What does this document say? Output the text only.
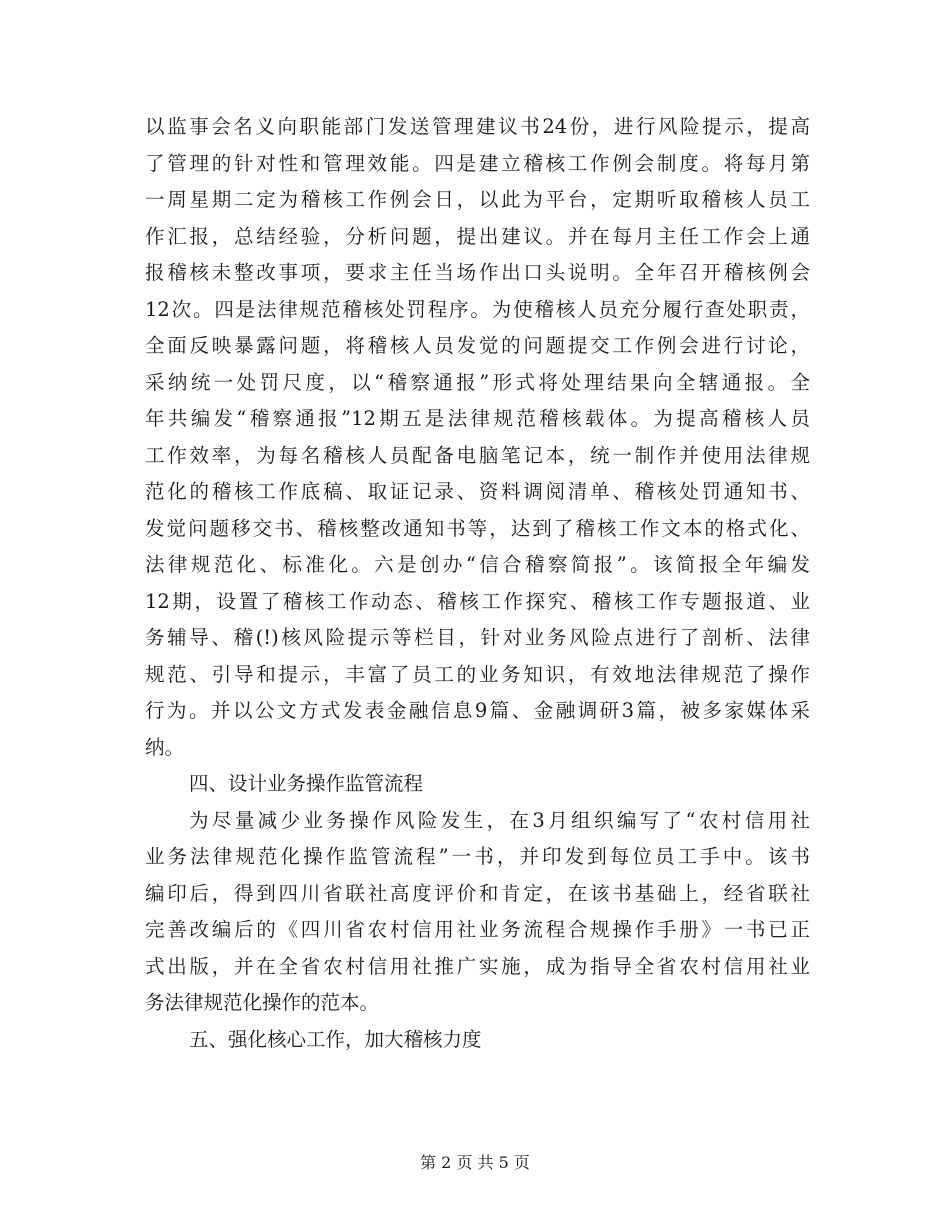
以监事会名义向职能部门发送管理建议书24份，进行风险提示，提高
了管理的针对性和管理效能。四是建立稽核工作例会制度。将每月第
一周星期二定为稽核工作例会日，以此为平台，定期听取稽核人员工
作汇报，总结经验，分析问题，提出建议。并在每月主任工作会上通
报稽核未整改事项，要求主任当场作出口头说明。全年召开稽核例会
12次。四是法律规范稽核处罚程序。为使稽核人员充分履行查处职责，
全面反映暴露问题，将稽核人员发觉的问题提交工作例会进行讨论，
采纳统一处罚尺度，以“稽察通报”形式将处理结果向全辖通报。全
年共编发“稽察通报”12期五是法律规范稽核载体。为提高稽核人员
工作效率，为每名稽核人员配备电脑笔记本，统一制作并使用法律规
范化的稽核工作底稿、取证记录、资料调阅清单、稽核处罚通知书、
发觉问题移交书、稽核整改通知书等，达到了稽核工作文本的格式化、
法律规范化、标准化。六是创办“信合稽察简报”。该简报全年编发
12期，设置了稽核工作动态、稽核工作探究、稽核工作专题报道、业
务辅导、稽(!)核风险提示等栏目，针对业务风险点进行了剖析、法律
规范、引导和提示，丰富了员工的业务知识，有效地法律规范了操作
行为。并以公文方式发表金融信息9篇、金融调研3篇，被多家媒体采
纳。
四、设计业务操作监管流程
为尽量减少业务操作风险发生，在3月组织编写了“农村信用社
业务法律规范化操作监管流程”一书，并印发到每位员工手中。该书
编印后，得到四川省联社高度评价和肯定，在该书基础上，经省联社
完善改编后的《四川省农村信用社业务流程合规操作手册》一书已正
式出版，并在全省农村信用社推广实施，成为指导全省农村信用社业
务法律规范化操作的范本。
五、强化核心工作，加大稽核力度
第 2 页 共 5 页
